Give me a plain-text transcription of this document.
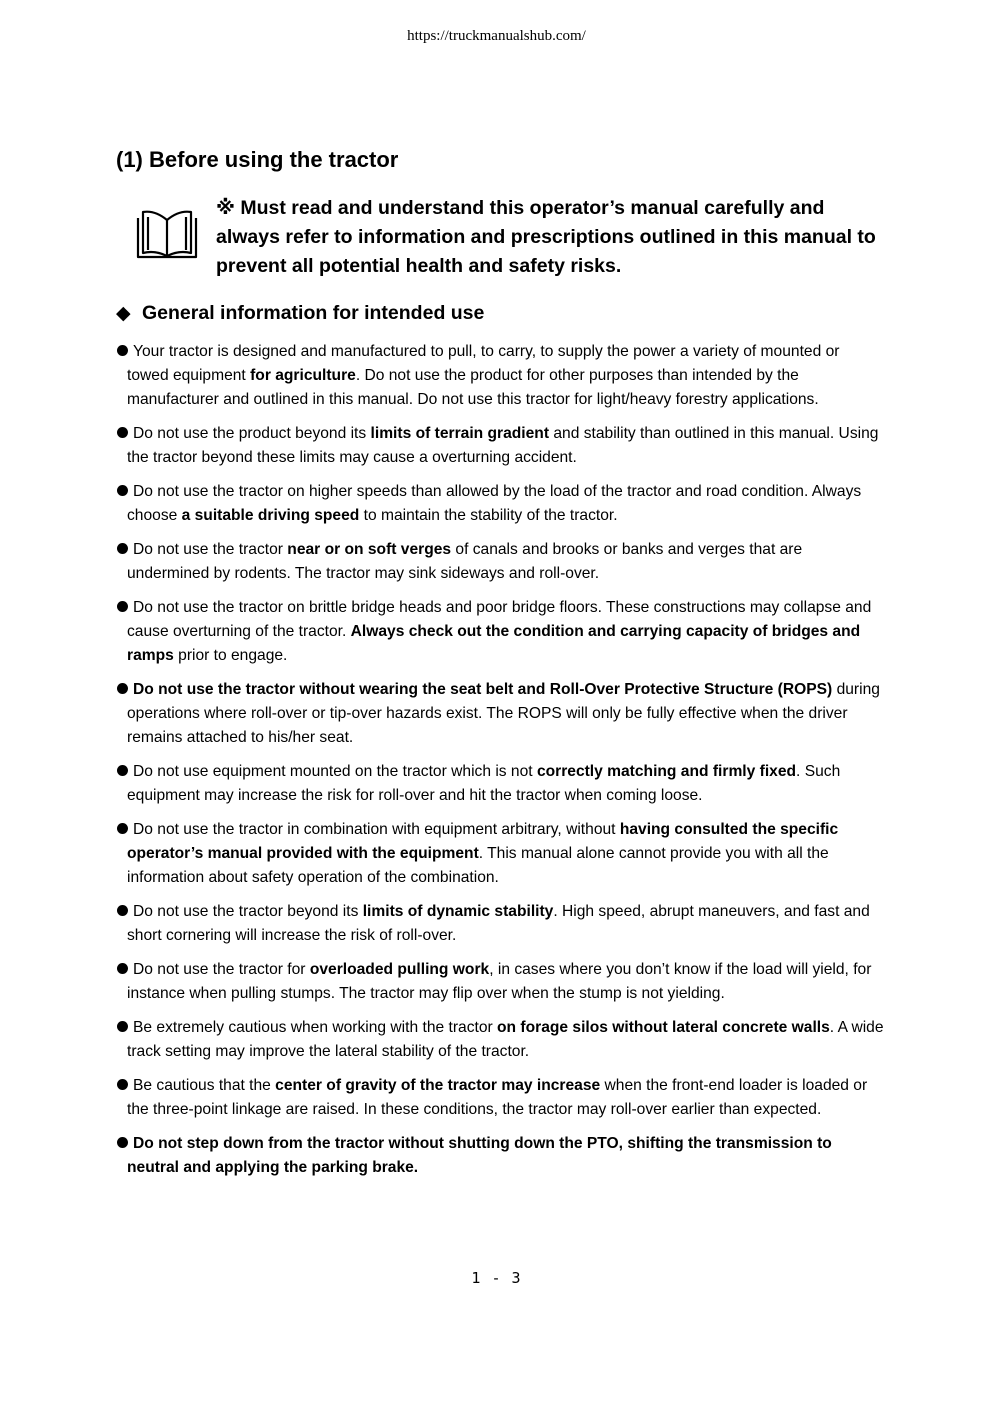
https://truckmanualshub.com/
(1) Before using the tractor
※ Must read and understand this operator’s manual carefully and always refer to information and prescriptions outlined in this manual to prevent all potential health and safety risks.
◆ General information for intended use
Your tractor is designed and manufactured to pull, to carry, to supply the power a variety of mounted or towed equipment for agriculture. Do not use the product for other purposes than intended by the manufacturer and outlined in this manual. Do not use this tractor for light/heavy forestry applications.
Do not use the product beyond its limits of terrain gradient and stability than outlined in this manual. Using the tractor beyond these limits may cause a overturning accident.
Do not use the tractor on higher speeds than allowed by the load of the tractor and road condition. Always choose a suitable driving speed to maintain the stability of the tractor.
Do not use the tractor near or on soft verges of canals and brooks or banks and verges that are undermined by rodents. The tractor may sink sideways and roll-over.
Do not use the tractor on brittle bridge heads and poor bridge floors. These constructions may collapse and cause overturning of the tractor. Always check out the condition and carrying capacity of bridges and ramps prior to engage.
Do not use the tractor without wearing the seat belt and Roll-Over Protective Structure (ROPS) during operations where roll-over or tip-over hazards exist. The ROPS will only be fully effective when the driver remains attached to his/her seat.
Do not use equipment mounted on the tractor which is not correctly matching and firmly fixed. Such equipment may increase the risk for roll-over and hit the tractor when coming loose.
Do not use the tractor in combination with equipment arbitrary, without having consulted the specific operator’s manual provided with the equipment. This manual alone cannot provide you with all the information about safety operation of the combination.
Do not use the tractor beyond its limits of dynamic stability. High speed, abrupt maneuvers, and fast and short cornering will increase the risk of roll-over.
Do not use the tractor for overloaded pulling work, in cases where you don’t know if the load will yield, for instance when pulling stumps. The tractor may flip over when the stump is not yielding.
Be extremely cautious when working with the tractor on forage silos without lateral concrete walls. A wide track setting may improve the lateral stability of the tractor.
Be cautious that the center of gravity of the tractor may increase when the front-end loader is loaded or the three-point linkage are raised. In these conditions, the tractor may roll-over earlier than expected.
Do not step down from the tractor without shutting down the PTO, shifting the transmission to neutral and applying the parking brake.
1 - 3
